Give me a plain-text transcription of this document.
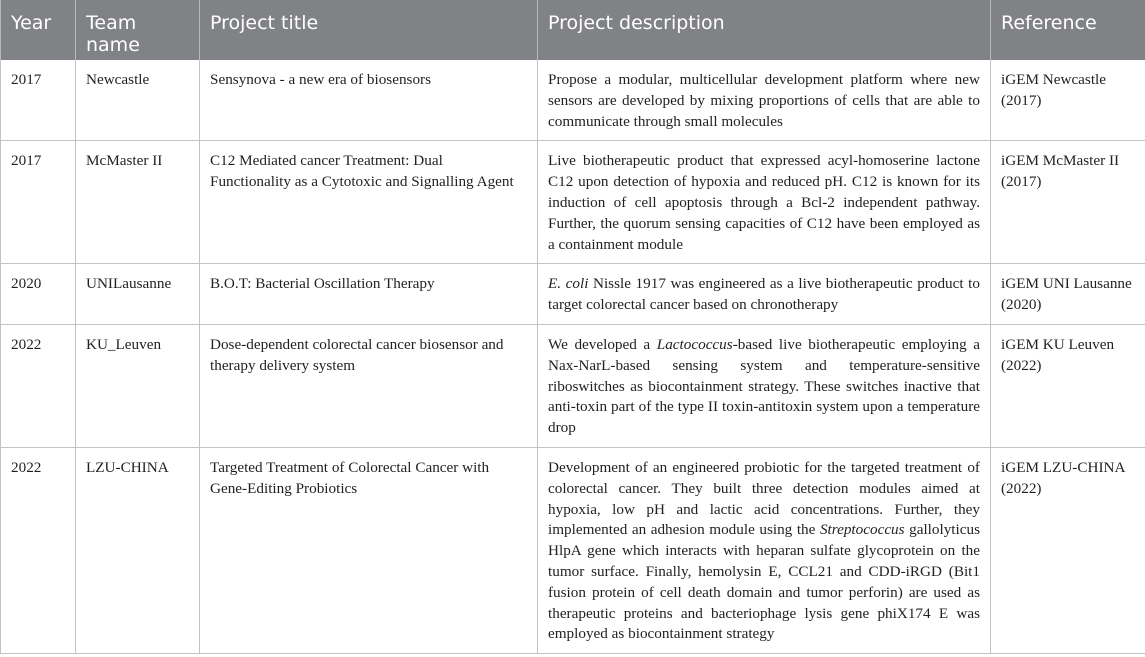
Year	Team name	Project title	Project description	Reference
2017	Newcastle	Sensynova - a new era of biosensors	Propose a modular, multicellular development platform where new sensors are developed by mixing proportions of cells that are able to communicate through small molecules	iGEM Newcastle (2017)
2017	McMaster II	C12 Mediated cancer Treatment: Dual Functionality as a Cytotoxic and Signalling Agent	Live biotherapeutic product that expressed acyl-homoserine lactone C12 upon detection of hypoxia and reduced pH. C12 is known for its induction of cell apoptosis through a Bcl-2 independent pathway. Further, the quorum sensing capacities of C12 have been employed as a containment module	iGEM McMaster II (2017)
2020	UNILausanne	B.O.T: Bacterial Oscillation Therapy	E. coli Nissle 1917 was engineered as a live biotherapeutic product to target colorectal cancer based on chronotherapy	iGEM UNI Lausanne (2020)
2022	KU_Leuven	Dose-dependent colorectal cancer biosensor and therapy delivery system	We developed a Lactococcus-based live biotherapeutic employing a Nax-NarL-based sensing system and temperature-sensitive riboswitches as biocontainment strategy. These switches inactive that anti-toxin part of the type II toxin-antitoxin system upon a temperature drop	iGEM KU Leuven (2022)
2022	LZU-CHINA	Targeted Treatment of Colorectal Cancer with Gene-Editing Probiotics	Development of an engineered probiotic for the targeted treatment of colorectal cancer. They built three detection modules aimed at hypoxia, low pH and lactic acid concentrations. Further, they implemented an adhesion module using the Streptococcus gallolyticus HlpA gene which interacts with heparan sulfate glycoprotein on the tumor surface. Finally, hemolysin E, CCL21 and CDD-iRGD (Bit1 fusion protein of cell death domain and tumor perforin) are used as therapeutic proteins and bacteriophage lysis gene phiX174 E was employed as biocontainment strategy	iGEM LZU-CHINA (2022)
